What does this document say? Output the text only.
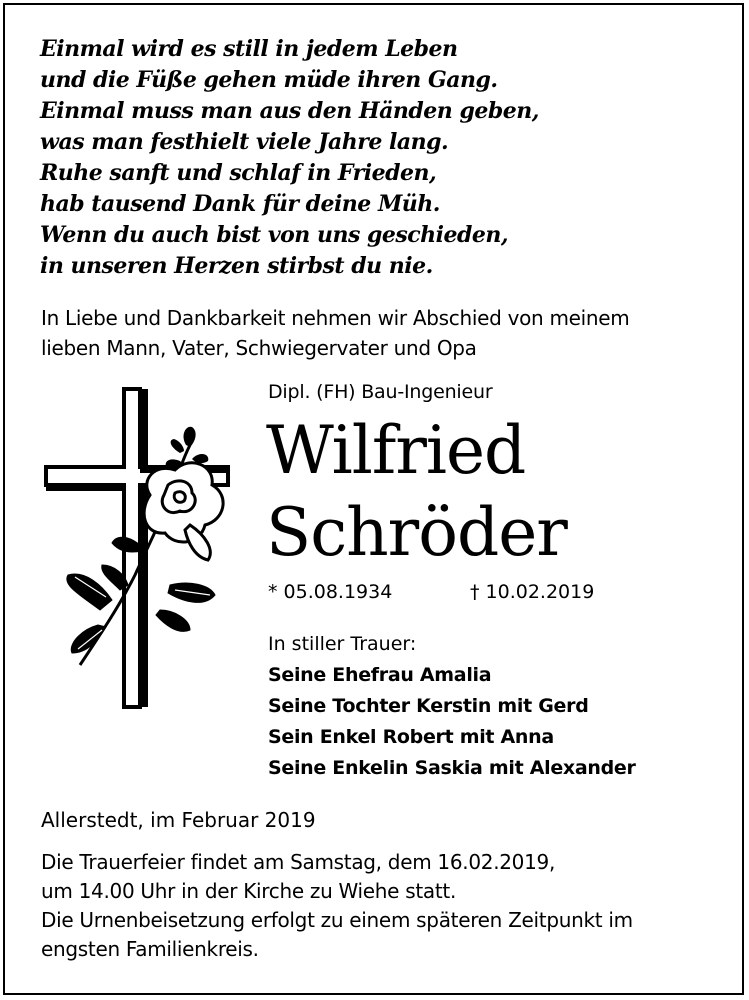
Einmal wird es still in jedem Leben
und die Füße gehen müde ihren Gang.
Einmal muss man aus den Händen geben,
was man festhielt viele Jahre lang.
Ruhe sanft und schlaf in Frieden,
hab tausend Dank für deine Müh.
Wenn du auch bist von uns geschieden,
in unseren Herzen stirbst du nie.
In Liebe und Dankbarkeit nehmen wir Abschied von meinem
lieben Mann, Vater, Schwiegervater und Opa
Dipl. (FH) Bau-Ingenieur
Wilfried
Schröder
* 05.08.1934	† 10.02.2019
In stiller Trauer:
Seine Ehefrau Amalia
Seine Tochter Kerstin mit Gerd
Sein Enkel Robert mit Anna
Seine Enkelin Saskia mit Alexander
Allerstedt, im Februar 2019
Die Trauerfeier findet am Samstag, dem 16.02.2019,
um 14.00 Uhr in der Kirche zu Wiehe statt.
Die Urnenbeisetzung erfolgt zu einem späteren Zeitpunkt im
engsten Familienkreis.
